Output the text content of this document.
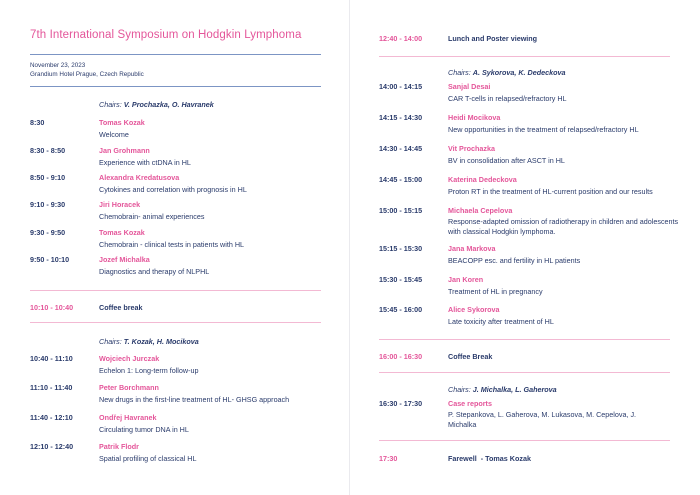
7th International Symposium on Hodgkin Lymphoma
November 23, 2023
Grandium Hotel Prague, Czech Republic
Chairs: V. Prochazka, O. Havranek
8:30	Tomas Kozak
Welcome
8:30 - 8:50	Jan Grohmann
Experience with ctDNA in HL
8:50 - 9:10	Alexandra Kredatusova
Cytokines and correlation with prognosis in HL
9:10 - 9:30	Jiri Horacek
Chemobrain- animal experiences
9:30 - 9:50	Tomas Kozak
Chemobrain - clinical tests in patients with HL
9:50 - 10:10	Jozef Michalka
Diagnostics and therapy of NLPHL
10:10 - 10:40	Coffee break
Chairs: T. Kozak, H. Mocikova
10:40 - 11:10	Wojciech Jurczak
Echelon 1: Long-term follow-up
11:10 - 11:40	Peter Borchmann
New drugs in the first-line treatment of HL- GHSG approach
11:40 - 12:10	Ondřej Havranek
Circulating tumor DNA in HL
12:10 - 12:40	Patrik Flodr
Spatial profiling of classical HL
12:40 - 14:00	Lunch and Poster viewing
Chairs: A. Sykorova, K. Dedeckova
14:00 - 14:15	Sanjal Desai
CAR T-cells in relapsed/refractory HL
14:15 - 14:30	Heidi Mocikova
New opportunities in the treatment of relapsed/refractory HL
14:30 - 14:45	Vit Prochazka
BV in consolidation after ASCT in HL
14:45 - 15:00	Katerina Dedeckova
Proton RT in the treatment of HL-current position and our results
15:00 - 15:15	Michaela Cepelova
Response-adapted omission of radiotherapy in children and adolescents with classical Hodgkin lymphoma.
15:15 - 15:30	Jana Markova
BEACOPP esc. and fertility in HL patients
15:30 - 15:45	Jan Koren
Treatment of HL in pregnancy
15:45 - 16:00	Alice Sykorova
Late toxicity after treatment of HL
16:00 - 16:30	Coffee Break
Chairs: J. Michalka, L. Gaherova
16:30 - 17:30	Case reports
P. Stepankova, L. Gaherova, M. Lukasova, M. Cepelova, J. Michalka
17:30	Farewell  - Tomas Kozak
